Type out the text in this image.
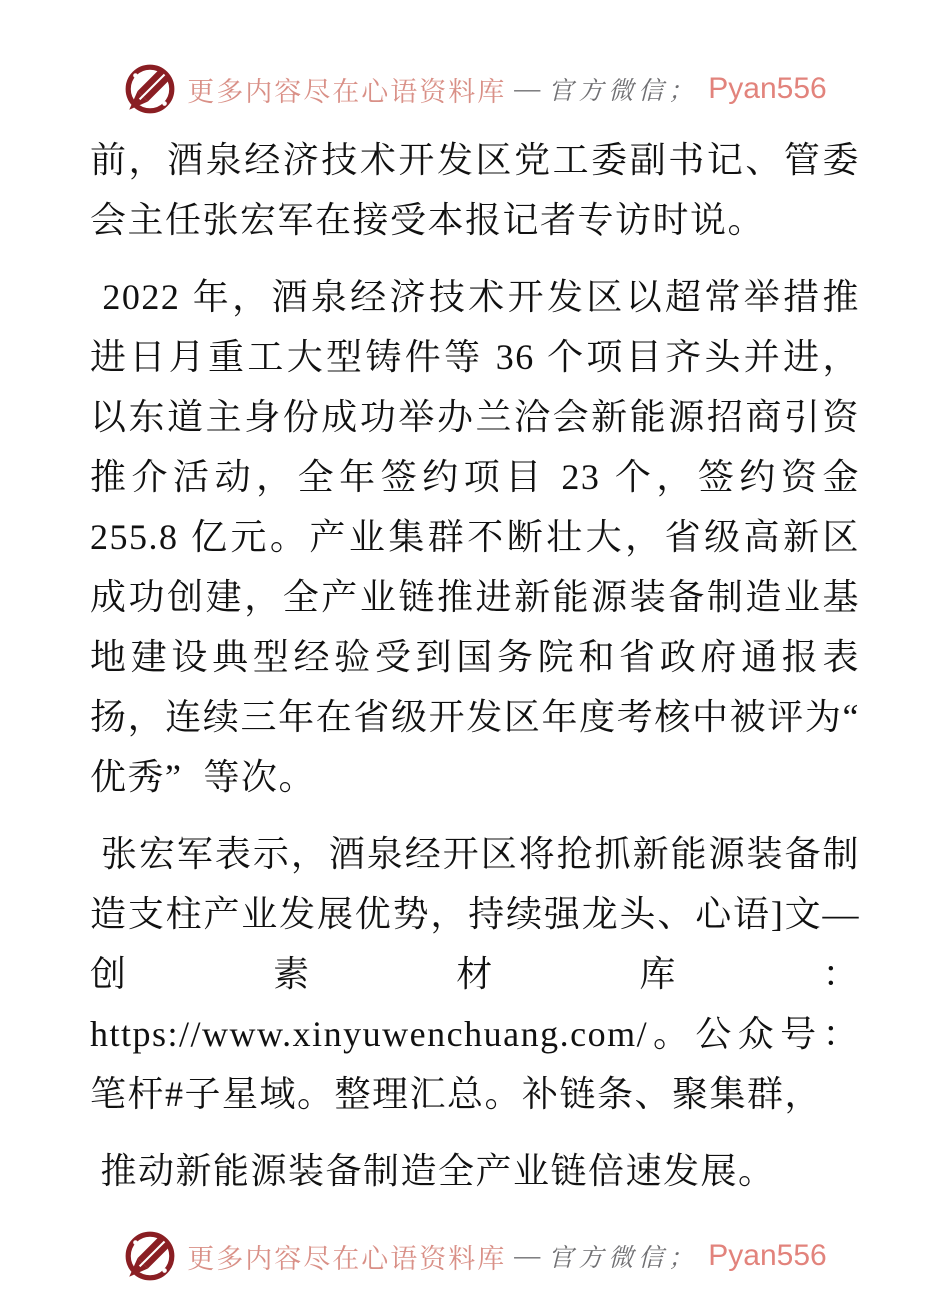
更多内容尽在心语资料库 — 官方微信； Pyan556

前，酒泉经济技术开发区党工委副书记、管委会主任张宏军在接受本报记者专访时说。

2022 年，酒泉经济技术开发区以超常举措推进日月重工大型铸件等 36 个项目齐头并进，以东道主身份成功举办兰洽会新能源招商引资推介活动，全年签约项目 23 个，签约资金 255.8 亿元。产业集群不断壮大，省级高新区成功创建，全产业链推进新能源装备制造业基地建设典型经验受到国务院和省政府通报表扬，连续三年在省级开发区年度考核中被评为“ 优秀”  等次。

张宏军表示，酒泉经开区将抢抓新能源装备制造支柱产业发展优势，持续强龙头、心语]文—创素材库：https://www.xinyuwenchuang.com/。公众号：笔杆#子星域。整理汇总。补链条、聚集群，

推动新能源装备制造全产业链倍速发展。

更多内容尽在心语资料库 — 官方微信； Pyan556
